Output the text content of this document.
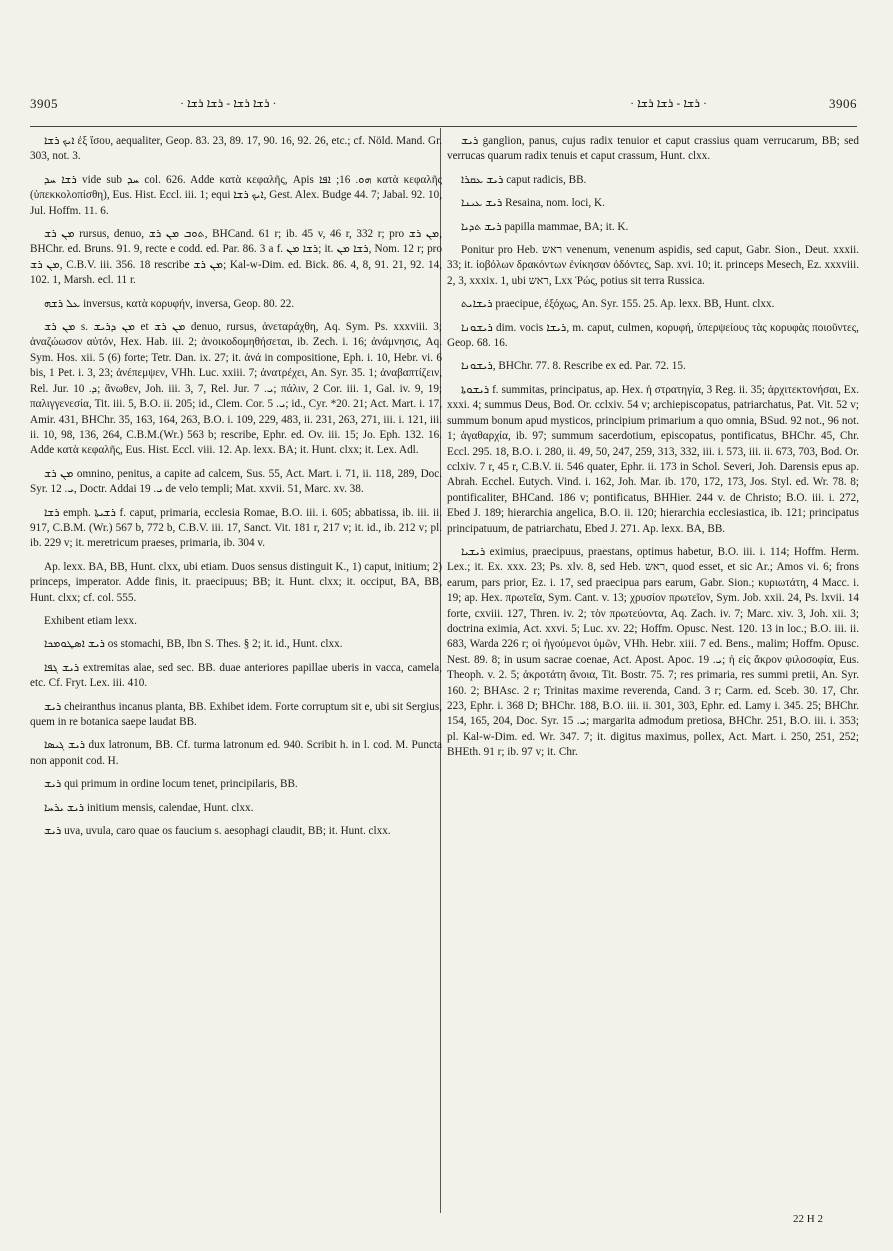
3905	· ܪܫܐ ܪܫܐ - ܪܫܐ ܪܫܐ ·	· ܪܫܐ - ܪܫܐ ܪܫܐ ·	3906

ܐܝܟ ܪܫܐ ἐξ ἴσου, aequaliter, Geop. 83. 23, 89. 17, 90. 16, 92. 26, etc.; cf. Nöld. Mand. Gr. 303, not. 3.

ܪܫܐ ܚܕ vide sub ܚܕ col. 626. Adde κατὰ κεφαλῆς, Apis ܗܘ. 16; ܐܦܐ κατὰ κεφαλῆς (ὑπεκκολοπίσθη), Eus. Hist. Eccl. iii. 1; equi ܐܝܟ ܪܫܐ, Gest. Alex. Budge 44. 7; Jabal. 92. 10, Jul. Hoffm. 11. 6.

ܡܢ ܪܫ rursus, denuo, ܬܘܒ ܡܢ ܪܫ, BHCand. 61 r; ib. 45 v, 46 r, 332 r; pro ܡܢ ܪܫ, BHChr. ed. Bruns. 91. 9, recte e codd. ed. Par. 86. 3 a f. ܪܫܐ ܡܢ; it. ܪܫܐ ܡܢ, Nom. 12 r; pro ܡܢ ܪܫ, C.B.V. iii. 356. 18 rescribe ܡܢ ܪܫ; Kal-w-Dim. ed. Bick. 86. 4, 8, 91. 21, 92. 14, 102. 1, Marsh. ecl. 11 r.

ܥܠ ܪܫܗ inversus, κατὰ κορυφήν, inversa, Geop. 80. 22.

ܡܢ ܪܫ s. ܡܢ ܕܪܝܫ et ܡܢ ܪܫ denuo, rursus, ἀνεταράχθη, Aq. Sym. Ps. xxxviii. 3; ἀναζώωσον αὐτόν, Hex. Hab. iii. 2; ἀνοικοδομηθήσεται, ib. Zech. i. 16; ἀνάμνησις, Aq. Sym. Hos. xii. 5 (6) forte; Tetr. Dan. ix. 27; it. ἀνά in compositione, Eph. i. 10, Hebr. vi. 6 bis, 1 Pet. i. 3, 23; ἀνέπεμψεν, VHh. Luc. xxiii. 7; ἀνατρέχει, An. Syr. 35. 1; ἀναβαπτίζειν, Rel. Jur. ܕ. 10; ἄνωθεν, Joh. iii. 3, 7, Rel. Jur. ܝ. 7; πάλιν, 2 Cor. iii. 1, Gal. iv. 9, 19; παλιγγενεσία, Tit. iii. 5, B.O. ii. 205; id., Clem. Cor. ܝ. 5; id., Cyr. *20. 21; Act. Mart. i. 17, Amir. 431, BHChr. 35, 163, 164, 263, B.O. i. 109, 229, 483, ii. 231, 263, 271, iii. i. 121, iii. ii. 10, 98, 136, 264, C.B.M.(Wr.) 563 b; rescribe, Ephr. ed. Ov. iii. 15; Jo. Eph. 132. 16. Adde κατὰ κεφαλῆς, Eus. Hist. Eccl. viii. 12. Ap. lexx. BA; it. Hunt. clxx; it. Lex. Adl.

ܡܢ ܪܫ omnino, penitus, a capite ad calcem, Sus. 55, Act. Mart. i. 71, ii. 118, 289, Doc. Syr. ܝ. 12, Doctr. Addai ܝ. 19 de velo templi; Mat. xxvii. 51, Marc. xv. 38.

ܪܫܐ emph. ܪܫܝܬܐ f. caput, primaria, ecclesia Romae, B.O. iii. i. 605; abbatissa, ib. iii. ii. 917, C.B.M. (Wr.) 567 b, 772 b, C.B.V. iii. 17, Sanct. Vit. 181 r, 217 v; it. id., ib. 212 v; pl. ib. 229 v; it. meretricum praeses, primaria, ib. 304 v.

Ap. lexx. BA, BB, Hunt. clxx, ubi etiam. Duos sensus distinguit K., 1) caput, initium; 2) princeps, imperator. Adde finis, it. praecipuus; BB; it. Hunt. clxx; it. occiput, BA, BB, Hunt. clxx; cf. col. 555.

Exhibent etiam lexx.

ܪܝܫ ܐܣܛܘܡܟܐ os stomachi, BB, Ibn S. Thes. § 2; it. id., Hunt. clxx.

ܪܝܫ ܓܦܐ extremitas alae, sed sec. BB. duae anteriores papillae uberis in vacca, camela, etc. Cf. Fryt. Lex. iii. 410.

ܪܝܫ cheiranthus incanus planta, BB. Exhibet idem. Forte corruptum sit e, ubi sit Sergius, quem in re botanica saepe laudat BB.

ܪܝܫ ܓܝܣܐ dux latronum, BB. Cf. turma latronum ed. 940. Scribit h. in l. cod. M. Puncta non apponit cod. H.

ܪܝܫ qui primum in ordine locum tenet, principilaris, BB.

ܪܝܫ ܝܪܚܐ initium mensis, calendae, Hunt. clxx.

ܪܝܫ uva, uvula, caro quae os faucium s. aesophagi claudit, BB; it. Hunt. clxx.

ܪܝܫ ganglion, panus, cujus radix tenuior et caput crassius quam verrucarum, BB; sed verrucas quarum radix tenuis et caput crassum, Hunt. clxx.

ܪܝܫ ܥܩܪܐ caput radicis, BB.

ܪܝܫ ܥܝܢܐ Resaina, nom. loci, K.

ܪܝܫ ܬܕܝܐ papilla mammae, BA; it. K.

Ponitur pro Heb. ראש venenum, venenum aspidis, sed caput, Gabr. Sion., Deut. xxxii. 33; it. ἰοβόλων δρακόντων ἐνίκησαν ὀδόντες, Sap. xvi. 10; it. princeps Mesech, Ez. xxxviii. 2, 3, xxxix. 1, ubi ראש, Lxx Ῥώς, potius sit terra Russica.

ܪܝܫܐܝܬ praecipue, ἐξόχως, An. Syr. 155. 25. Ap. lexx. BB, Hunt. clxx.

ܪܝܫܘܢܐ dim. vocis ܪܝܫܐ, m. caput, culmen, κορυφή, ὑπερψείους τὰς κορυφὰς ποιοῦντες, Geop. 68. 16.

ܪܝܫܘܢܐ, BHChr. 77. 8. Rescribe ex ed. Par. 72. 15.

ܪܝܫܘܬܐ f. summitas, principatus, ap. Hex. ἡ στρατηγία, 3 Reg. ii. 35; ἀρχιτεκτονήσαι, Ex. xxxi. 4; summus Deus, Bod. Or. cclxiv. 54 v; archiepiscopatus, patriarchatus, Pat. Vit. 52 v; summum bonum apud mysticos, principium primarium a quo omnia, BSud. 92 not., 96 not. 1; ἀγαθαρχία, ib. 97; summum sacerdotium, episcopatus, pontificatus, BHChr. 45, Chr. Eccl. 295. 18, B.O. i. 280, ii. 49, 50, 247, 259, 313, 332, iii. i. 573, iii. ii. 673, 703, Bod. Or. cclxiv. 7 r, 45 r, C.B.V. ii. 546 quater, Ephr. ii. 173 in Schol. Severi, Joh. Darensis epus ap. Abrah. Ecchel. Eutych. Vind. i. 162, Joh. Mar. ib. 170, 172, 173, Jos. Styl. ed. Wr. 78. 8; pontificaliter, BHCand. 186 v; pontificatus, BHHier. 244 v. de Christo; B.O. iii. i. 272, Ebed J. 189; hierarchia angelica, B.O. ii. 120; hierarchia ecclesiastica, ib. 121; principatus principatuum, de patriarchatu, Ebed J. 271. Ap. lexx. BA, BB.

ܪܝܫܝܐ eximius, praecipuus, praestans, optimus habetur, B.O. iii. i. 114; Hoffm. Herm. Lex.; it. Ex. xxx. 23; Ps. xlv. 8, sed Heb. ראש, quod esset, et sic Ar.; Amos vi. 6; frons earum, pars prior, Ez. i. 17, sed praecipua pars earum, Gabr. Sion.; κυριωτάτη, 4 Macc. i. 19; ap. Hex. πρωτεῖα, Sym. Cant. v. 13; χρυσίον πρωτεῖον, Sym. Job. xxii. 24, Ps. lxvii. 14 forte, cxviii. 127, Thren. iv. 2; τὸν πρωτεύοντα, Aq. Zach. iv. 7; Marc. xiv. 3, Joh. xii. 3; doctrina eximia, Act. xxvi. 5; Luc. xv. 22; Hoffm. Opusc. Nest. 120. 13 in loc.; B.O. iii. ii. 683, Warda 226 r; οἱ ἡγούμενοι ὑμῶν, VHh. Hebr. xiii. 7 ed. Bens., malim; Hoffm. Opusc. Nest. 89. 8; in usum sacrae coenae, Act. Apost. Apoc. ܝ. 19; ἡ εἰς ἄκρον φιλοσοφία, Eus. Theoph. v. 2. 5; ἀκροτάτη ἄνοια, Tit. Bostr. 75. 7; res primaria, res summi pretii, An. Syr. 160. 2; BHAsc. 2 r; Trinitas maxime reverenda, Cand. 3 r; Carm. ed. Sceb. 30. 17, Chr. 223, Ephr. i. 368 D; BHChr. 188, B.O. iii. ii. 301, 303, Ephr. ed. Lamy i. 345. 25; BHChr. 154, 165, 204, Doc. Syr. ܝ. 15; margarita admodum pretiosa, BHChr. 251, B.O. iii. i. 353; pl. Kal-w-Dim. ed. Wr. 347. 7; it. digitus maximus, pollex, Act. Mart. i. 250, 251, 252; BHEth. 91 r; ib. 97 v; it. Chr.

22 H 2
